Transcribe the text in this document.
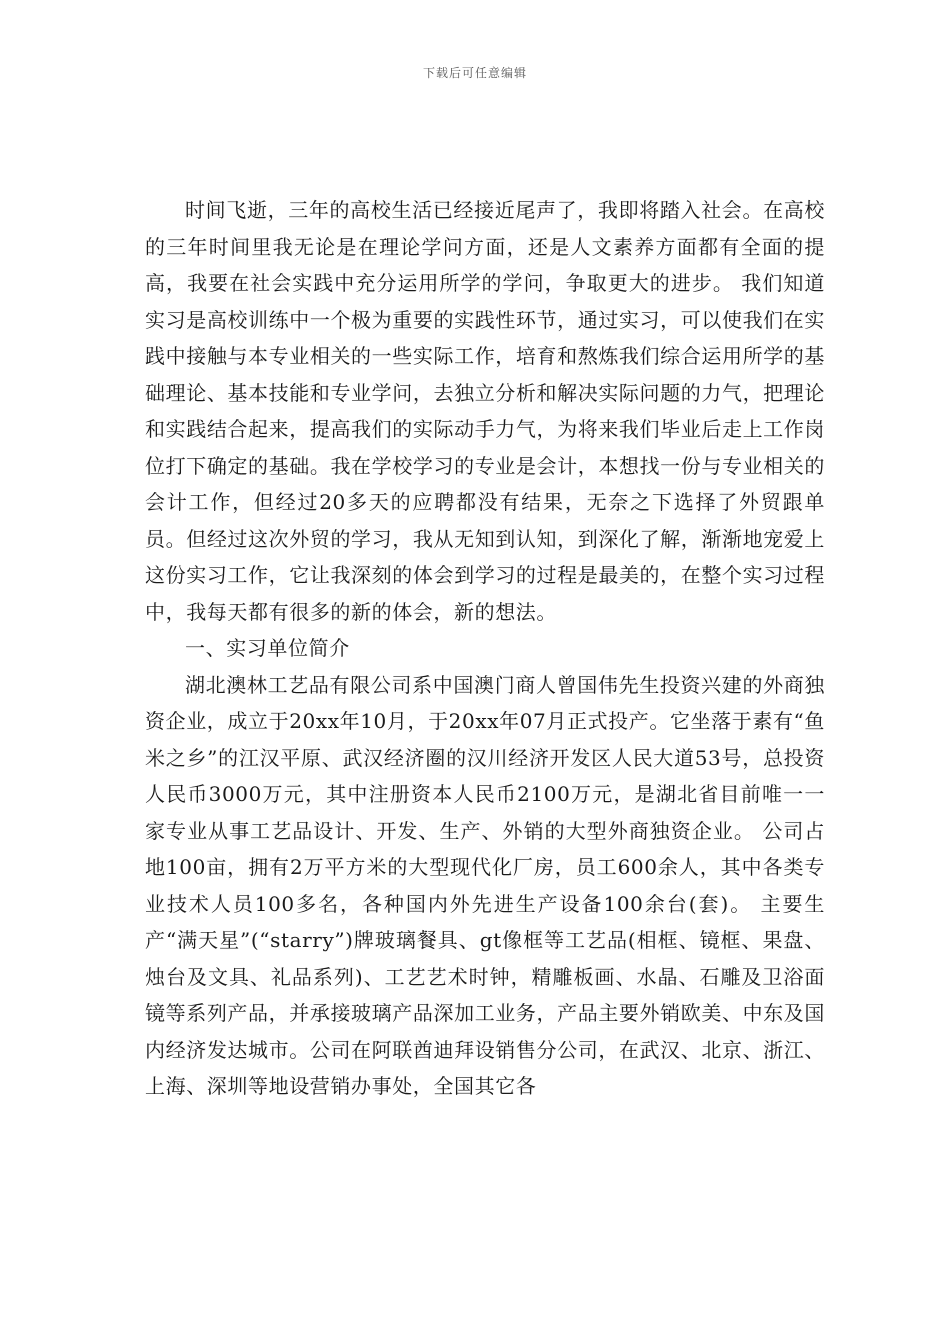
下载后可任意编辑

时间飞逝，三年的高校生活已经接近尾声了，我即将踏入社会。在高校的三年时间里我无论是在理论学问方面，还是人文素养方面都有全面的提高，我要在社会实践中充分运用所学的学问，争取更大的进步。 我们知道实习是高校训练中一个极为重要的实践性环节，通过实习，可以使我们在实践中接触与本专业相关的一些实际工作，培育和熬炼我们综合运用所学的基础理论、基本技能和专业学问，去独立分析和解决实际问题的力气，把理论和实践结合起来，提高我们的实际动手力气，为将来我们毕业后走上工作岗位打下确定的基础。我在学校学习的专业是会计，本想找一份与专业相关的会计工作，但经过20多天的应聘都没有结果，无奈之下选择了外贸跟单员。但经过这次外贸的学习，我从无知到认知，到深化了解，渐渐地宠爱上这份实习工作，它让我深刻的体会到学习的过程是最美的，在整个实习过程中，我每天都有很多的新的体会，新的想法。

一、实习单位简介

湖北澳林工艺品有限公司系中国澳门商人曾国伟先生投资兴建的外商独资企业，成立于20xx年10月，于20xx年07月正式投产。它坐落于素有“鱼米之乡”的江汉平原、武汉经济圈的汉川经济开发区人民大道53号，总投资人民币3000万元，其中注册资本人民币2100万元，是湖北省目前唯一一家专业从事工艺品设计、开发、生产、外销的大型外商独资企业。 公司占地100亩，拥有2万平方米的大型现代化厂房，员工600余人，其中各类专业技术人员100多名，各种国内外先进生产设备100余台(套)。 主要生产“满天星”(“starry”)牌玻璃餐具、gt像框等工艺品(相框、镜框、果盘、烛台及文具、礼品系列)、工艺艺术时钟，精雕板画、水晶、石雕及卫浴面镜等系列产品，并承接玻璃产品深加工业务，产品主要外销欧美、中东及国内经济发达城市。公司在阿联酋迪拜设销售分公司，在武汉、北京、浙江、上海、深圳等地设营销办事处，全国其它各
